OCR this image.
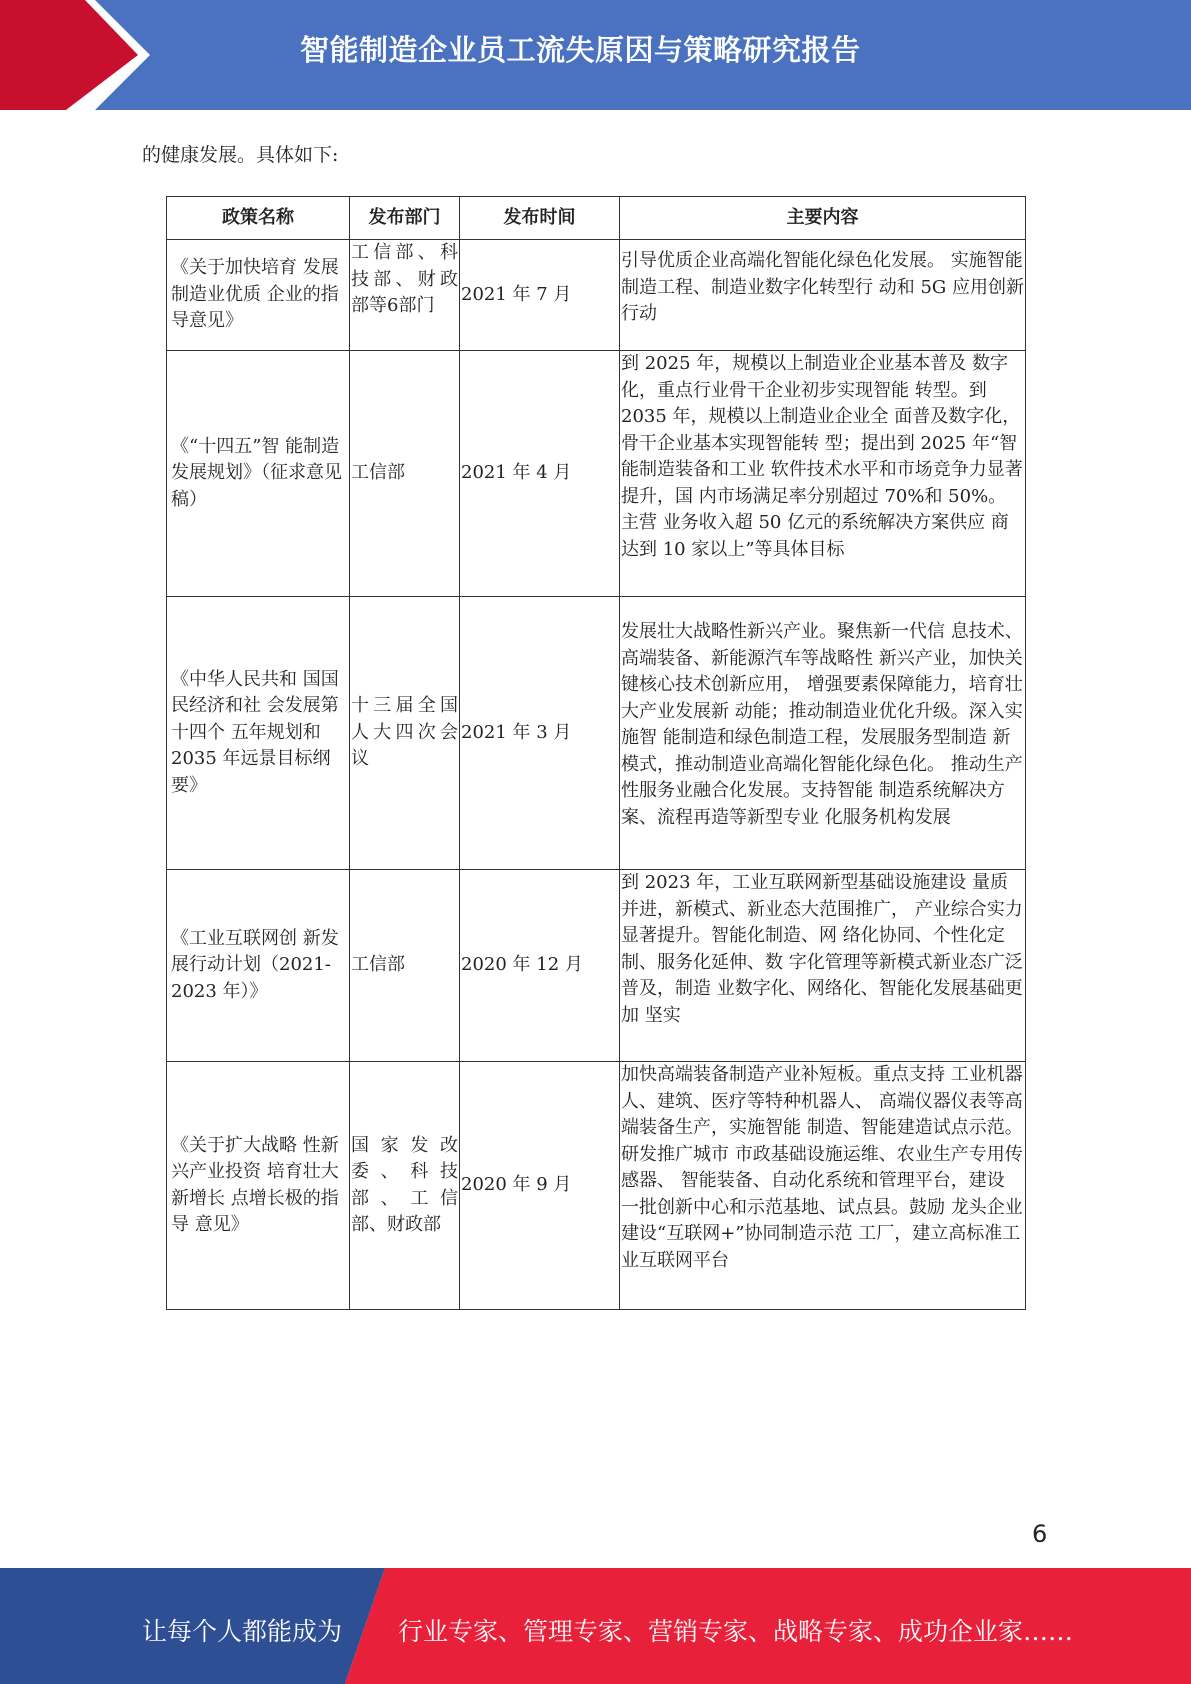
智能制造企业员工流失原因与策略研究报告
的健康发展。具体如下:
政策名称	发布部门	发布时间	主要内容
《关于加快培育 发展制造业优质 企业的指导意见》	工信部、科技部、财政部等6部门	2021 年 7 月	引导优质企业高端化智能化绿色化发展。 实施智能制造工程、制造业数字化转型行 动和 5G 应用创新行动
《“十四五”智 能制造发展规划》（征求意见稿）	工信部	2021 年 4 月	到 2025 年，规模以上制造业企业基本普及 数字化，重点行业骨干企业初步实现智能 转型。到 2035 年，规模以上制造业企业全 面普及数字化，骨干企业基本实现智能转 型；提出到 2025 年“智能制造装备和工业 软件技术水平和市场竞争力显著提升，国 内市场满足率分别超过 70%和 50%。主营 业务收入超 50 亿元的系统解决方案供应 商达到 10 家以上”等具体目标
《中华人民共和 国国民经济和社 会发展第十四个 五年规划和 2035 年远景目标纲要》	十三届全国人大四次会议	2021 年 3 月	发展壮大战略性新兴产业。聚焦新一代信 息技术、高端装备、新能源汽车等战略性 新兴产业，加快关键核心技术创新应用， 增强要素保障能力，培育壮大产业发展新 动能；推动制造业优化升级。深入实施智 能制造和绿色制造工程，发展服务型制造 新模式，推动制造业高端化智能化绿色化。 推动生产性服务业融合化发展。支持智能 制造系统解决方案、流程再造等新型专业 化服务机构发展
《工业互联网创 新发展行动计划（2021-2023 年）》	工信部	2020 年 12 月	到 2023 年，工业互联网新型基础设施建设 量质并进，新模式、新业态大范围推广， 产业综合实力显著提升。智能化制造、网 络化协同、个性化定制、服务化延伸、数 字化管理等新模式新业态广泛普及，制造 业数字化、网络化、智能化发展基础更加 坚实
《关于扩大战略 性新兴产业投资 培育壮大新增长 点增长极的指导 意见》	国家发改委、科技部、工信部、财政部	2020 年 9 月	加快高端装备制造产业补短板。重点支持 工业机器人、建筑、医疗等特种机器人、 高端仪器仪表等高端装备生产，实施智能 制造、智能建造试点示范。研发推广城市 市政基础设施运维、农业生产专用传感器、 智能装备、自动化系统和管理平台，建设 一批创新中心和示范基地、试点县。鼓励 龙头企业建设“互联网+”协同制造示范 工厂，建立高标准工业互联网平台
6
让每个人都能成为 行业专家、管理专家、营销专家、战略专家、成功企业家……
